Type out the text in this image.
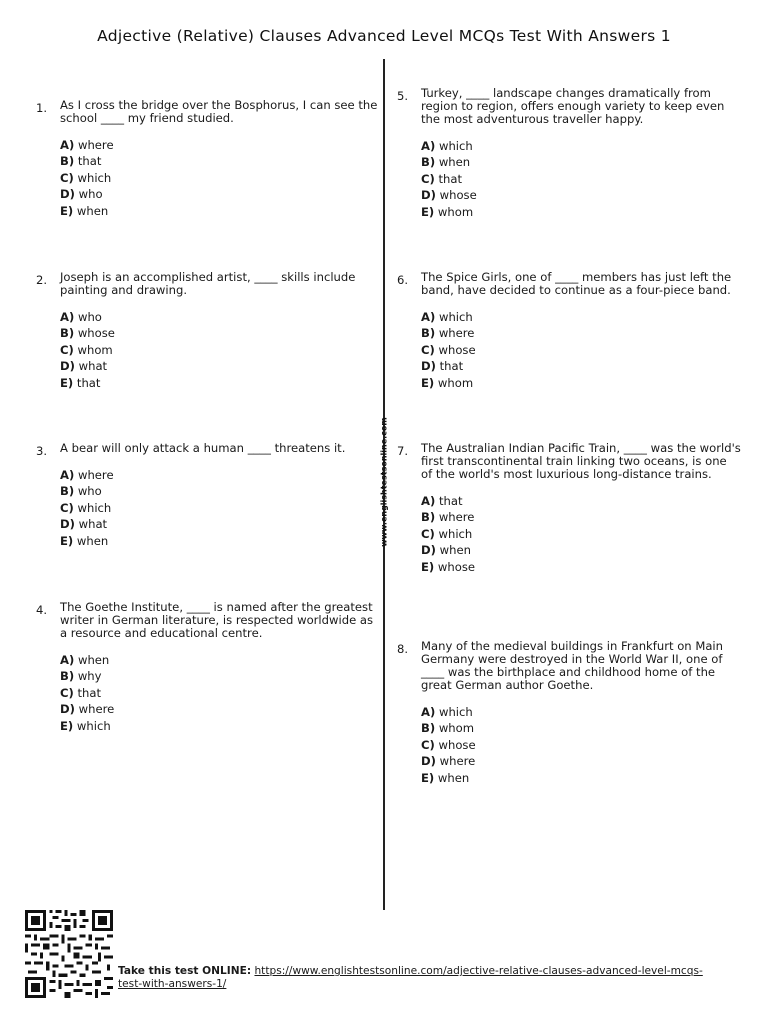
Adjective (Relative) Clauses Advanced Level MCQs Test With Answers 1
www.englishtestsonline.com
1. As I cross the bridge over the Bosphorus, I can see the school ____ my friend studied.

A) where
B) that
C) which
D) who
E) when
2. Joseph is an accomplished artist, ____ skills include painting and drawing.

A) who
B) whose
C) whom
D) what
E) that
3. A bear will only attack a human ____ threatens it.

A) where
B) who
C) which
D) what
E) when
4. The Goethe Institute, ____ is named after the greatest writer in German literature, is respected worldwide as a resource and educational centre.

A) when
B) why
C) that
D) where
E) which
5. Turkey, ____ landscape changes dramatically from region to region, offers enough variety to keep even the most adventurous traveller happy.

A) which
B) when
C) that
D) whose
E) whom
6. The Spice Girls, one of ____ members has just left the band, have decided to continue as a four-piece band.

A) which
B) where
C) whose
D) that
E) whom
7. The Australian Indian Pacific Train, ____ was the world's first transcontinental train linking two oceans, is one of the world's most luxurious long-distance trains.

A) that
B) where
C) which
D) when
E) whose
8. Many of the medieval buildings in Frankfurt on Main Germany were destroyed in the World War II, one of ____ was the birthplace and childhood home of the great German author Goethe.

A) which
B) whom
C) whose
D) where
E) when
Take this test ONLINE: https://www.englishtestsonline.com/adjective-relative-clauses-advanced-level-mcqs-test-with-answers-1/
